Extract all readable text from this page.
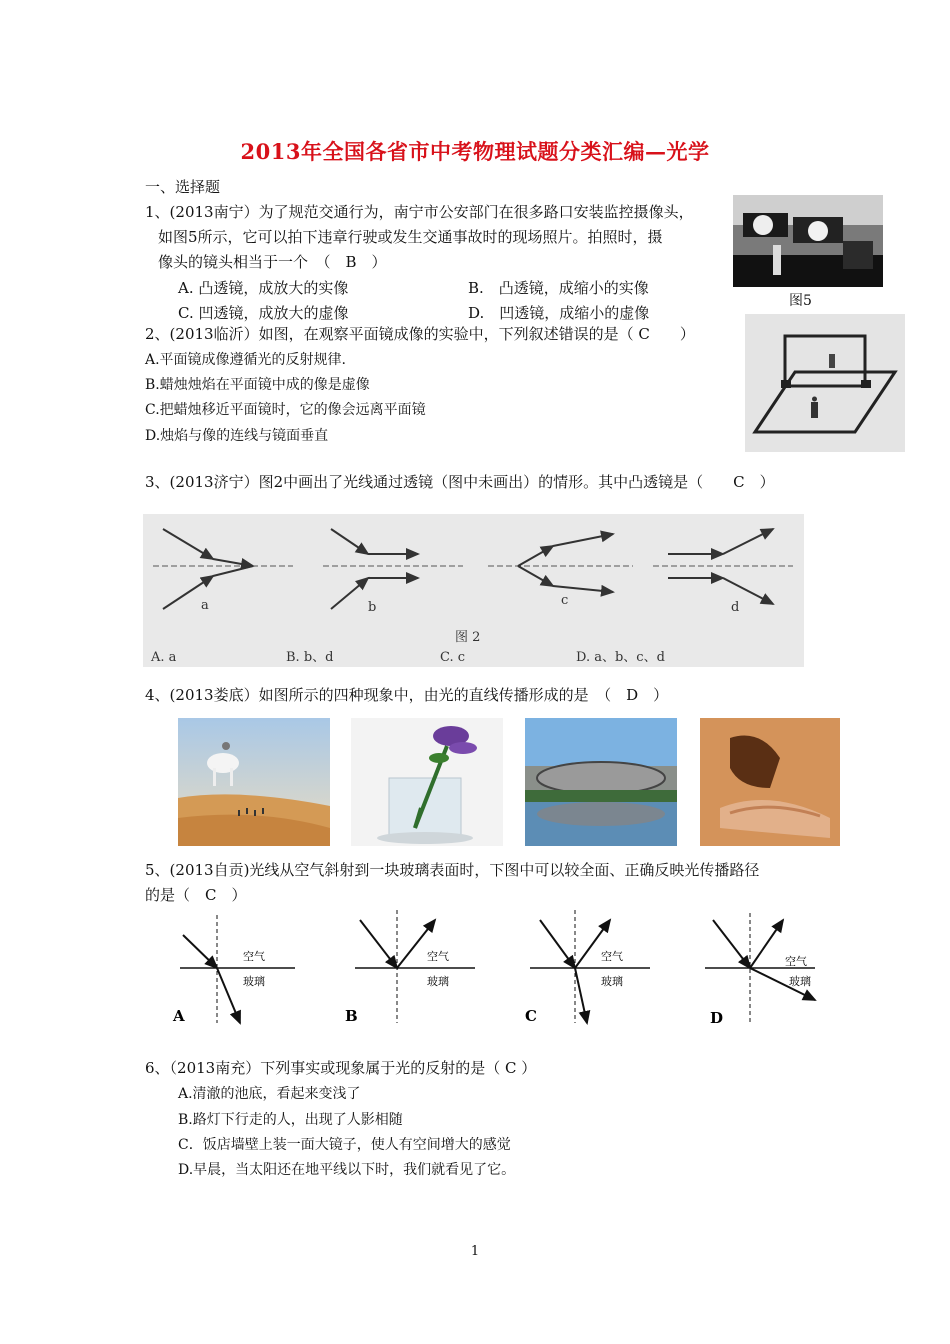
2013年全国各省市中考物理试题分类汇编—光学
一、选择题
1、(2013南宁）为了规范交通行为，南宁市公安部门在很多路口安装监控摄像头，
如图5所示，它可以拍下违章行驶或发生交通事故时的现场照片。拍照时，摄
像头的镜头相当于一个　（　B　）
A. 凸透镜，成放大的实像	B.　凸透镜，成缩小的实像
C. 凹透镜，成放大的虚像	D.　凹透镜，成缩小的虚像
图5
2、(2013临沂）如图，在观察平面镜成像的实验中，下列叙述错误的是（ C　　）
A.平面镜成像遵循光的反射规律.
B.蜡烛烛焰在平面镜中成的像是虚像
C.把蜡烛移近平面镜时，它的像会远离平面镜
D.烛焰与像的连线与镜面垂直
3、(2013济宁）图2中画出了光线通过透镜（图中未画出）的情形。其中凸透镜是（　　C　）
a	b	c	d
图 2
A. a	B. b、d	C. c	D. a、b、c、d
4、(2013娄底）如图所示的四种现象中，由光的直线传播形成的是　（　D　）
5、(2013自贡)光线从空气斜射到一块玻璃表面时，下图中可以较全面、正确反映光传播路径
的是（　C　）
空气
玻璃
A
空气
玻璃
B
空气
玻璃
C
空气
玻璃
D
6、（2013南充）下列事实或现象属于光的反射的是（ C ）
A.清澈的池底，看起来变浅了
B.路灯下行走的人，出现了人影相随
C．饭店墙壁上装一面大镜子，使人有空间增大的感觉
D.早晨，当太阳还在地平线以下时，我们就看见了它。
1
